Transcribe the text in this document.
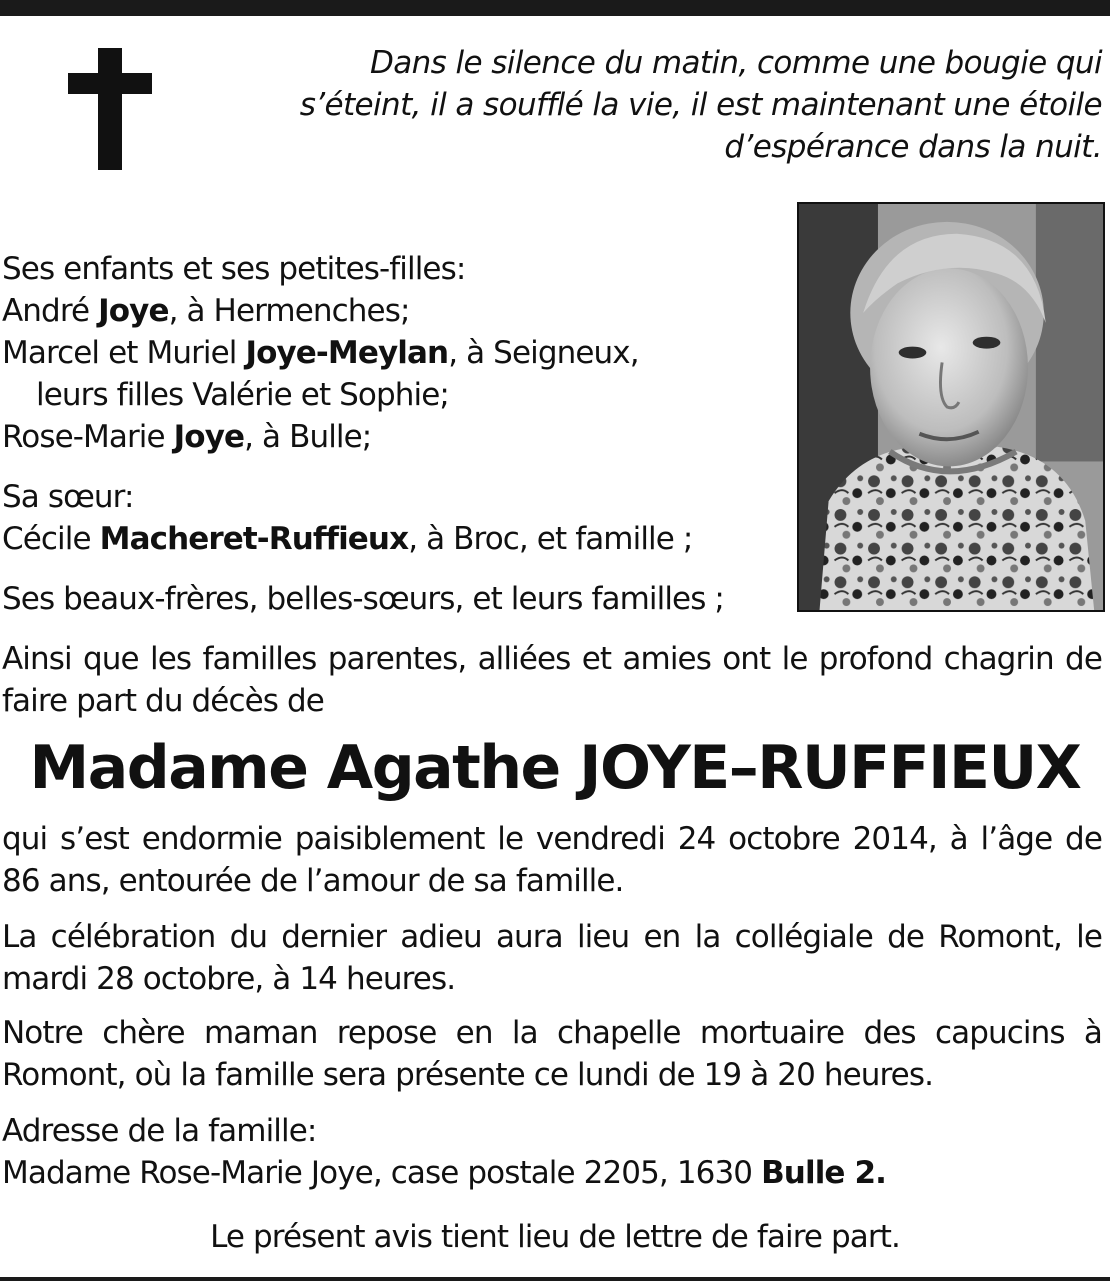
Dans le silence du matin, comme une bougie qui
s’éteint, il a soufflé la vie, il est maintenant une étoile
d’espérance dans la nuit.
Ses enfants et ses petites-filles:
André Joye, à Hermenches;
Marcel et Muriel Joye-Meylan, à Seigneux,
leurs filles Valérie et Sophie;
Rose-Marie Joye, à Bulle;
Sa sœur:
Cécile Macheret-Ruffieux, à Broc, et famille ;
Ses beaux-frères, belles-sœurs, et leurs familles ;
Ainsi que les familles parentes, alliées et amies ont le profond chagrin de faire part du décès de
Madame Agathe JOYE–RUFFIEUX
qui s’est endormie paisiblement le vendredi 24 octobre 2014, à l’âge de 86 ans, entourée de l’amour de sa famille.
La célébration du dernier adieu aura lieu en la collégiale de Romont, le mardi 28 octobre, à 14 heures.
Notre chère maman repose en la chapelle mortuaire des capucins à Romont, où la famille sera présente ce lundi de 19 à 20 heures.
Adresse de la famille:
Madame Rose-Marie Joye, case postale 2205, 1630 Bulle 2.
Le présent avis tient lieu de lettre de faire part.
